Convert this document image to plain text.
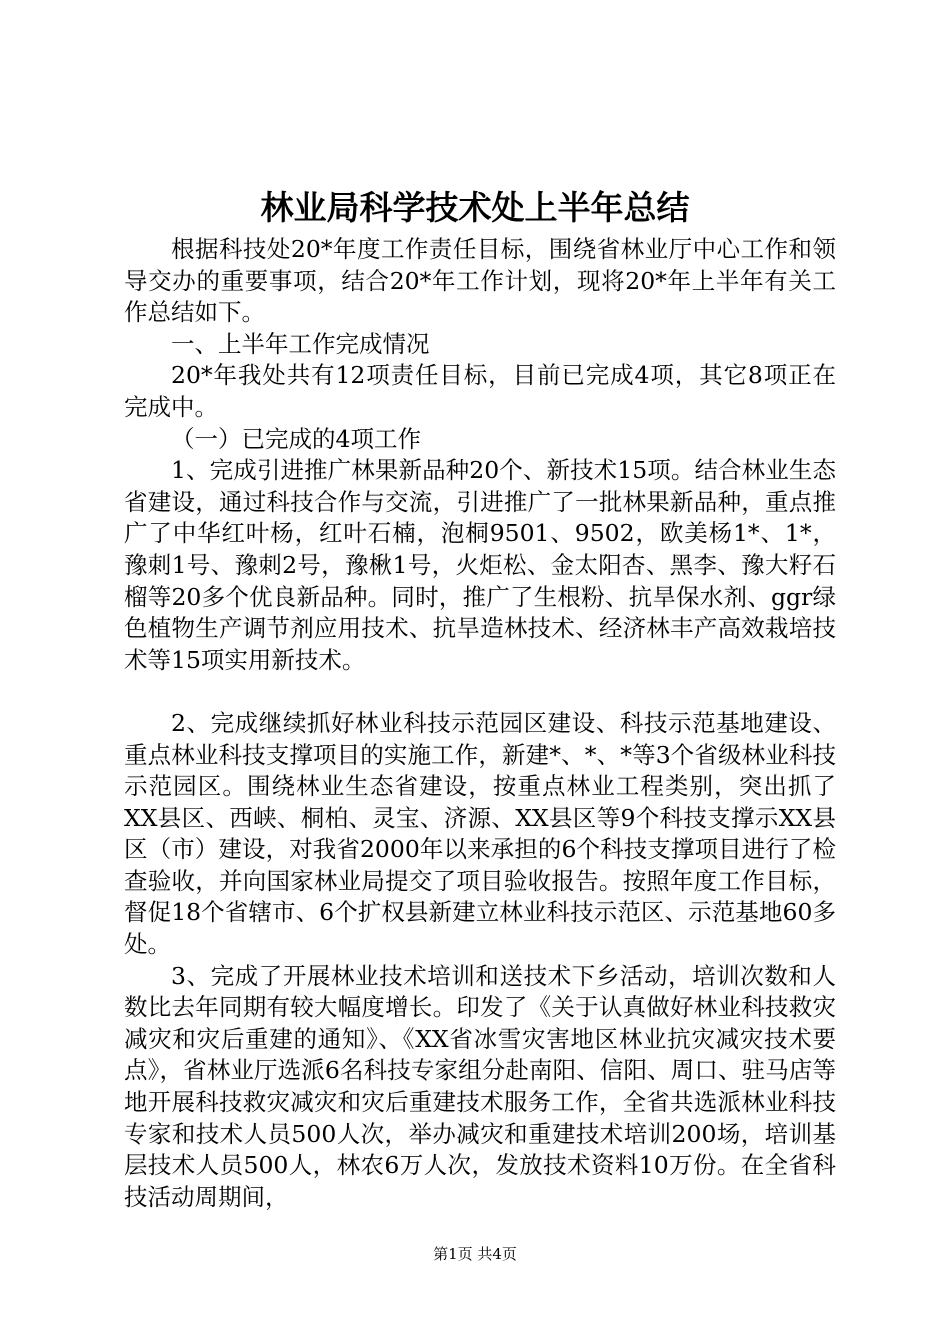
林业局科学技术处上半年总结

根据科技处20*年度工作责任目标，围绕省林业厅中心工作和领导交办的重要事项，结合20*年工作计划，现将20*年上半年有关工作总结如下。

一、上半年工作完成情况

20*年我处共有12项责任目标，目前已完成4项，其它8项正在完成中。

（一）已完成的4项工作

1、完成引进推广林果新品种20个、新技术15项。结合林业生态省建设，通过科技合作与交流，引进推广了一批林果新品种，重点推广了中华红叶杨，红叶石楠，泡桐9501、9502，欧美杨1*、1*，豫刺1号、豫刺2号，豫楸1号，火炬松、金太阳杏、黑李、豫大籽石榴等20多个优良新品种。同时，推广了生根粉、抗旱保水剂、ggr绿色植物生产调节剂应用技术、抗旱造林技术、经济林丰产高效栽培技术等15项实用新技术。

2、完成继续抓好林业科技示范园区建设、科技示范基地建设、重点林业科技支撑项目的实施工作，新建*、*、*等3个省级林业科技示范园区。围绕林业生态省建设，按重点林业工程类别，突出抓了XX县区、西峡、桐柏、灵宝、济源、XX县区等9个科技支撑示XX县区（市）建设，对我省2000年以来承担的6个科技支撑项目进行了检查验收，并向国家林业局提交了项目验收报告。按照年度工作目标，督促18个省辖市、6个扩权县新建立林业科技示范区、示范基地60多处。

3、完成了开展林业技术培训和送技术下乡活动，培训次数和人数比去年同期有较大幅度增长。印发了《关于认真做好林业科技救灾减灾和灾后重建的通知》、《XX省冰雪灾害地区林业抗灾减灾技术要点》，省林业厅选派6名科技专家组分赴南阳、信阳、周口、驻马店等地开展科技救灾减灾和灾后重建技术服务工作，全省共选派林业科技专家和技术人员500人次，举办减灾和重建技术培训200场，培训基层技术人员500人，林农6万人次，发放技术资料10万份。在全省科技活动周期间，

第1页 共4页
